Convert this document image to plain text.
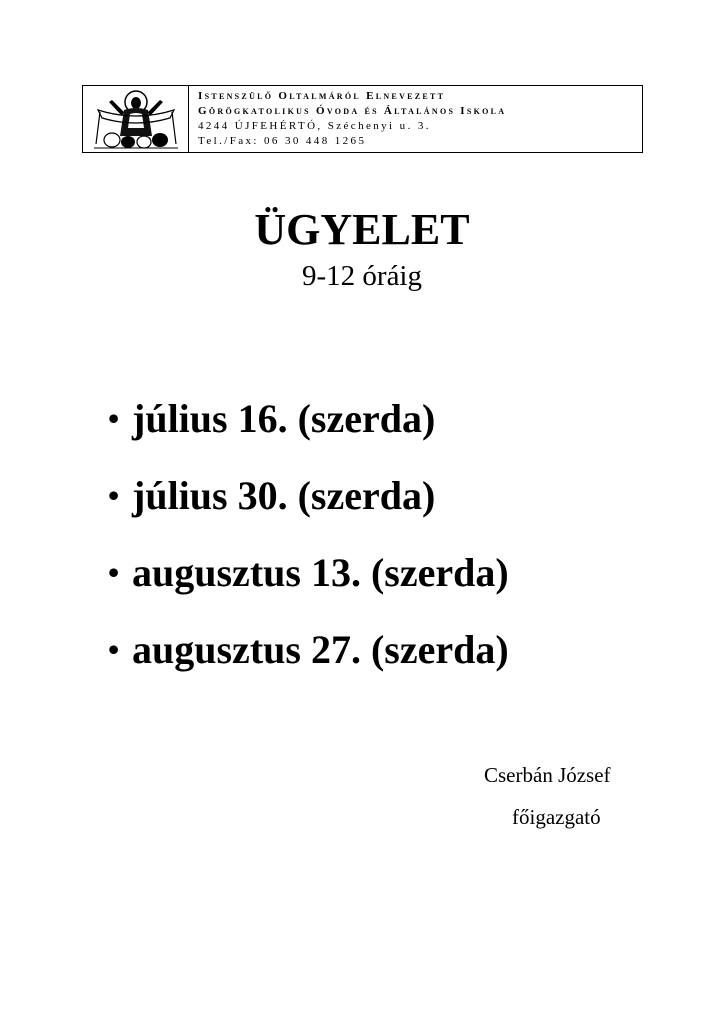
Istenszülő Oltalmáról Elnevezett
Görögkatolikus Óvoda és Általános Iskola
4244 ÚJFEHÉRTÓ, Széchenyi u. 3.
Tel./Fax: 06 30 448 1265
ÜGYELET
9-12 óráig
• július 16. (szerda)
• július 30. (szerda)
• augusztus 13. (szerda)
• augusztus 27. (szerda)
Cserbán József
főigazgató
